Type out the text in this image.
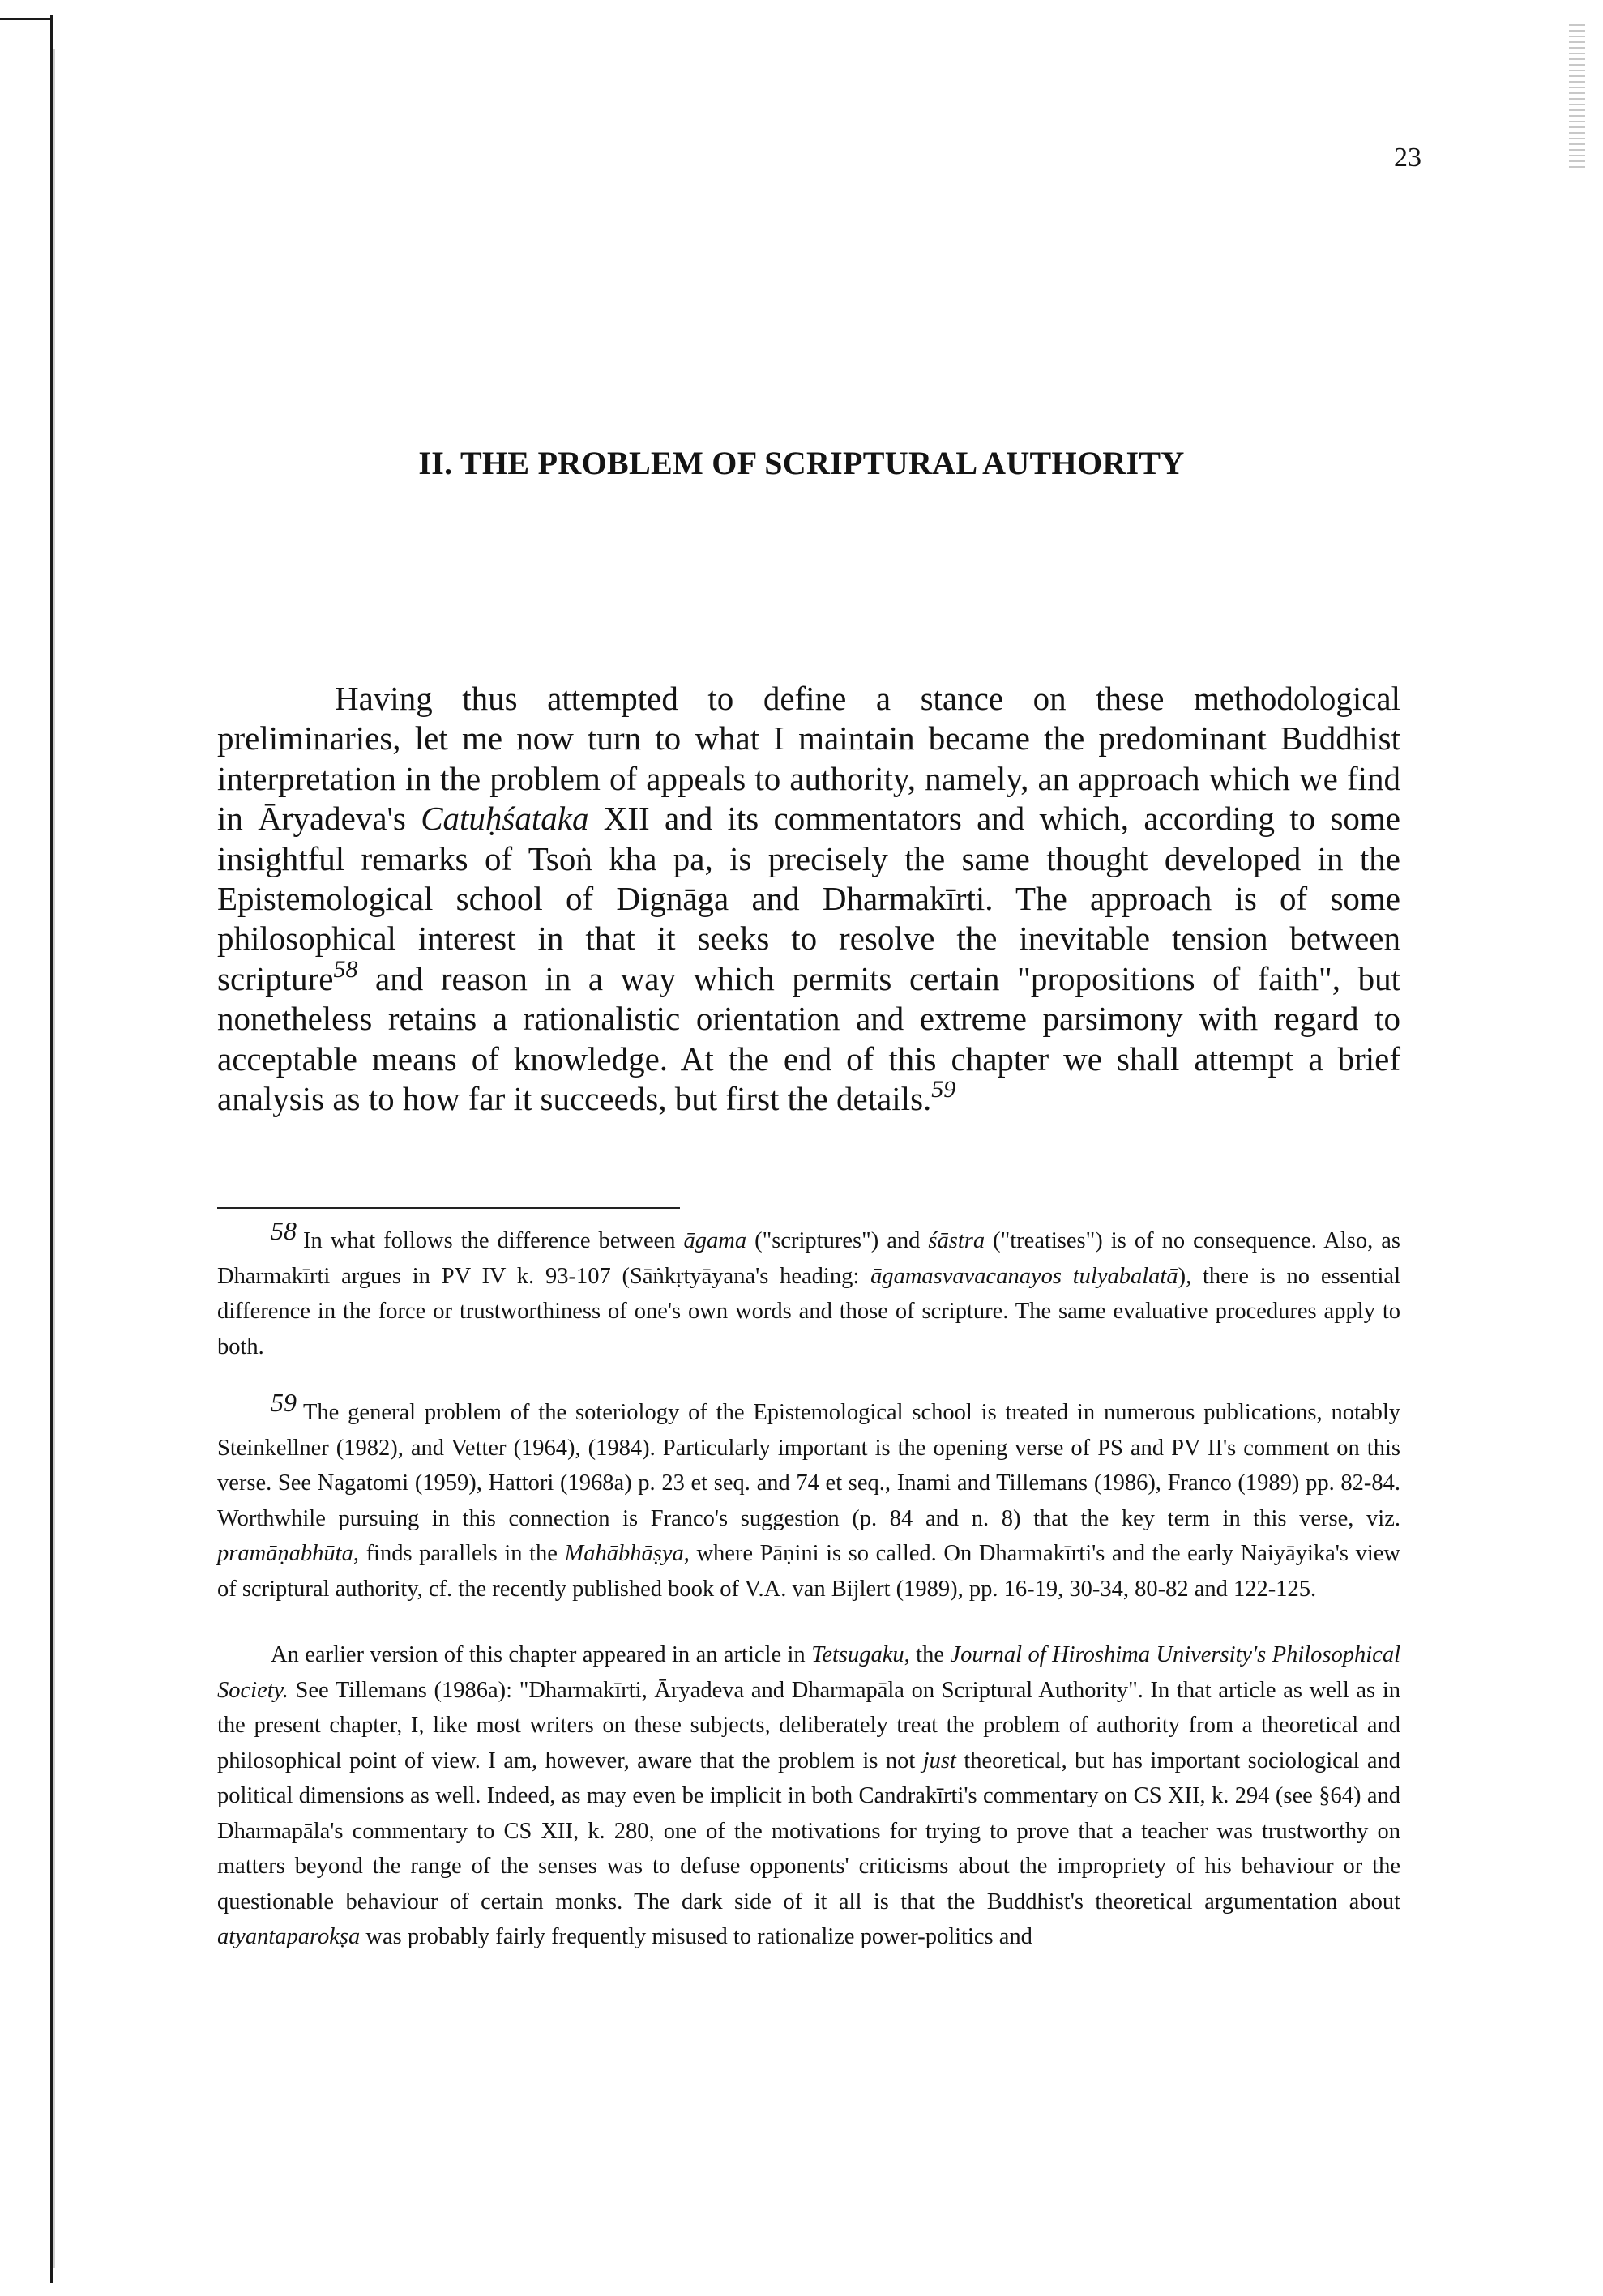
23

II. THE PROBLEM OF SCRIPTURAL AUTHORITY

Having thus attempted to define a stance on these methodological preliminaries, let me now turn to what I maintain became the predominant Buddhist interpretation in the problem of appeals to authority, namely, an approach which we find in Āryadeva's Catuḥśataka XII and its commentators and which, according to some insightful remarks of Tsoṅ kha pa, is precisely the same thought developed in the Epistemological school of Dignāga and Dharmakīrti. The approach is of some philosophical interest in that it seeks to resolve the inevitable tension between scripture$^{58}$ and reason in a way which permits certain "propositions of faith", but nonetheless retains a rationalistic orientation and extreme parsimony with regard to acceptable means of knowledge. At the end of this chapter we shall attempt a brief analysis as to how far it succeeds, but first the details.$^{59}$

58 In what follows the difference between āgama ("scriptures") and śāstra ("treatises") is of no consequence. Also, as Dharmakīrti argues in PV IV k. 93-107 (Sāṅkṛtyāyana's heading: āgamasvavacanayos tulyabalatā), there is no essential difference in the force or trustworthiness of one's own words and those of scripture. The same evaluative procedures apply to both.

59 The general problem of the soteriology of the Epistemological school is treated in numerous publications, notably Steinkellner (1982), and Vetter (1964), (1984). Particularly important is the opening verse of PS and PV II's comment on this verse. See Nagatomi (1959), Hattori (1968a) p. 23 et seq. and 74 et seq., Inami and Tillemans (1986), Franco (1989) pp. 82-84. Worthwhile pursuing in this connection is Franco's suggestion (p. 84 and n. 8) that the key term in this verse, viz. pramāṇabhūta, finds parallels in the Mahābhāṣya, where Pāṇini is so called. On Dharmakīrti's and the early Naiyāyika's view of scriptural authority, cf. the recently published book of V.A. van Bijlert (1989), pp. 16-19, 30-34, 80-82 and 122-125.

An earlier version of this chapter appeared in an article in Tetsugaku, the Journal of Hiroshima University's Philosophical Society. See Tillemans (1986a): "Dharmakīrti, Āryadeva and Dharmapāla on Scriptural Authority". In that article as well as in the present chapter, I, like most writers on these subjects, deliberately treat the problem of authority from a theoretical and philosophical point of view. I am, however, aware that the problem is not just theoretical, but has important sociological and political dimensions as well. Indeed, as may even be implicit in both Candrakīrti's commentary on CS XII, k. 294 (see §64) and Dharmapāla's commentary to CS XII, k. 280, one of the motivations for trying to prove that a teacher was trustworthy on matters beyond the range of the senses was to defuse opponents' criticisms about the impropriety of his behaviour or the questionable behaviour of certain monks. The dark side of it all is that the Buddhist's theoretical argumentation about atyantaparokṣa was probably fairly frequently misused to rationalize power-politics and
